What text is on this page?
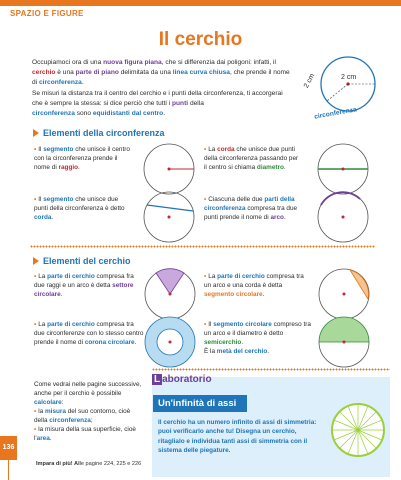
SPAZIO E FIGURE
Il cerchio
Occupiamoci ora di una nuova figura piana, che si differenzia dai poligoni: infatti, il cerchio è una parte di piano delimitata da una linea curva chiusa, che prende il nome di circonferenza.
Se misuri la distanza tra il centro del cerchio e i punti della circonferenza, ti accorgerai che è sempre la stessa: si dice perciò che tutti i punti della
circonferenza sono equidistanti dal centro.
2 cm
2 cm
circonferenza
Elementi della circonferenza
• Il segmento che unisce il centro con la circonferenza prende il nome di raggio.
• La corda che unisce due punti della circonferenza passando per il centro si chiama diametro.
• Il segmento che unisce due punti della circonferenza è detto corda.
• Ciascuna delle due parti della circonferenza compresa tra due punti prende il nome di arco.
Elementi del cerchio
• La parte di cerchio compresa fra due raggi e un arco è detta settore circolare.
• La parte di cerchio compresa tra un arco e una corda è detta segmento circolare.
• La parte di cerchio compresa tra due circonferenze con lo stesso centro prende il nome di corona circolare.
• Il segmento circolare compreso tra un arco e il diametro è detto semicerchio.
È la metà del cerchio.
Come vedrai nelle pagine successive, anche per il cerchio è possibile calcolare:
• la misura del suo contorno, cioè della circonferenza;
• la misura della sua superficie, cioè l'area.
L aboratorio
Un'infinità di assi
Il cerchio ha un numero infinito di assi di simmetria: puoi verificarlo anche tu! Disegna un cerchio, ritaglialo e individua tanti assi di simmetria con il sistema delle piegature.
136
Impara di più! Alle pagine 224, 225 e 226
